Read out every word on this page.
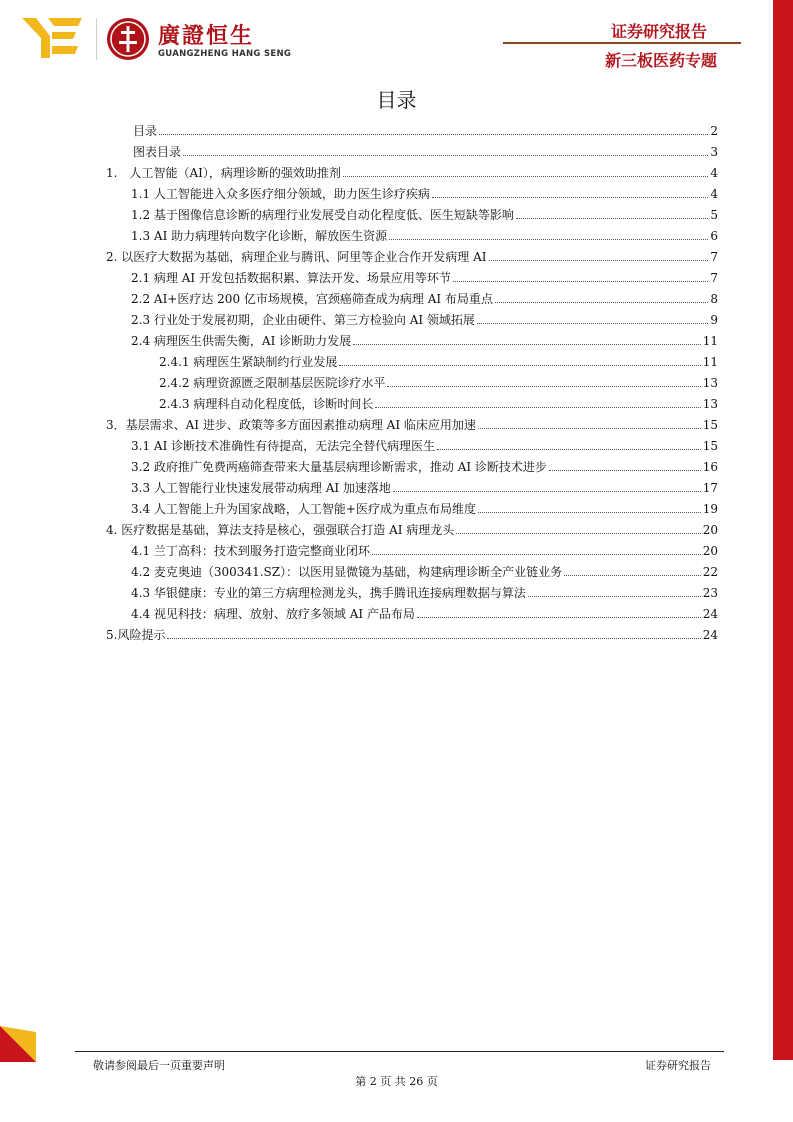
廣證恒生
GUANGZHENG HANG SENG
证券研究报告
新三板医药专题
目录
目录	2
图表目录	3
1.　人工智能（AI），病理诊断的强效助推剂	4
1.1 人工智能进入众多医疗细分领域，助力医生诊疗疾病	4
1.2 基于图像信息诊断的病理行业发展受自动化程度低、医生短缺等影响	5
1.3 AI 助力病理转向数字化诊断，解放医生资源	6
2. 以医疗大数据为基础，病理企业与腾讯、阿里等企业合作开发病理 AI	7
2.1 病理 AI 开发包括数据积累、算法开发、场景应用等环节	7
2.2 AI+医疗达 200 亿市场规模，宫颈癌筛查成为病理 AI 布局重点	8
2.3 行业处于发展初期，企业由硬件、第三方检验向 AI 领域拓展	9
2.4 病理医生供需失衡，AI 诊断助力发展	11
2.4.1 病理医生紧缺制约行业发展	11
2.4.2 病理资源匮乏限制基层医院诊疗水平	13
2.4.3 病理科自动化程度低，诊断时间长	13
3．基层需求、AI 进步、政策等多方面因素推动病理 AI 临床应用加速	15
3.1 AI 诊断技术准确性有待提高，无法完全替代病理医生	15
3.2 政府推广免费两癌筛查带来大量基层病理诊断需求，推动 AI 诊断技术进步	16
3.3 人工智能行业快速发展带动病理 AI 加速落地	17
3.4 人工智能上升为国家战略，人工智能+医疗成为重点布局维度	19
4. 医疗数据是基础，算法支持是核心，强强联合打造 AI 病理龙头	20
4.1 兰丁高科：技术到服务打造完整商业闭环	20
4.2 麦克奥迪（300341.SZ）：以医用显微镜为基础，构建病理诊断全产业链业务	22
4.3 华银健康：专业的第三方病理检测龙头，携手腾讯连接病理数据与算法	23
4.4 视见科技：病理、放射、放疗多领域 AI 产品布局	24
5.风险提示	24
敬请参阅最后一页重要声明	证券研究报告
第 2 页 共 26 页
